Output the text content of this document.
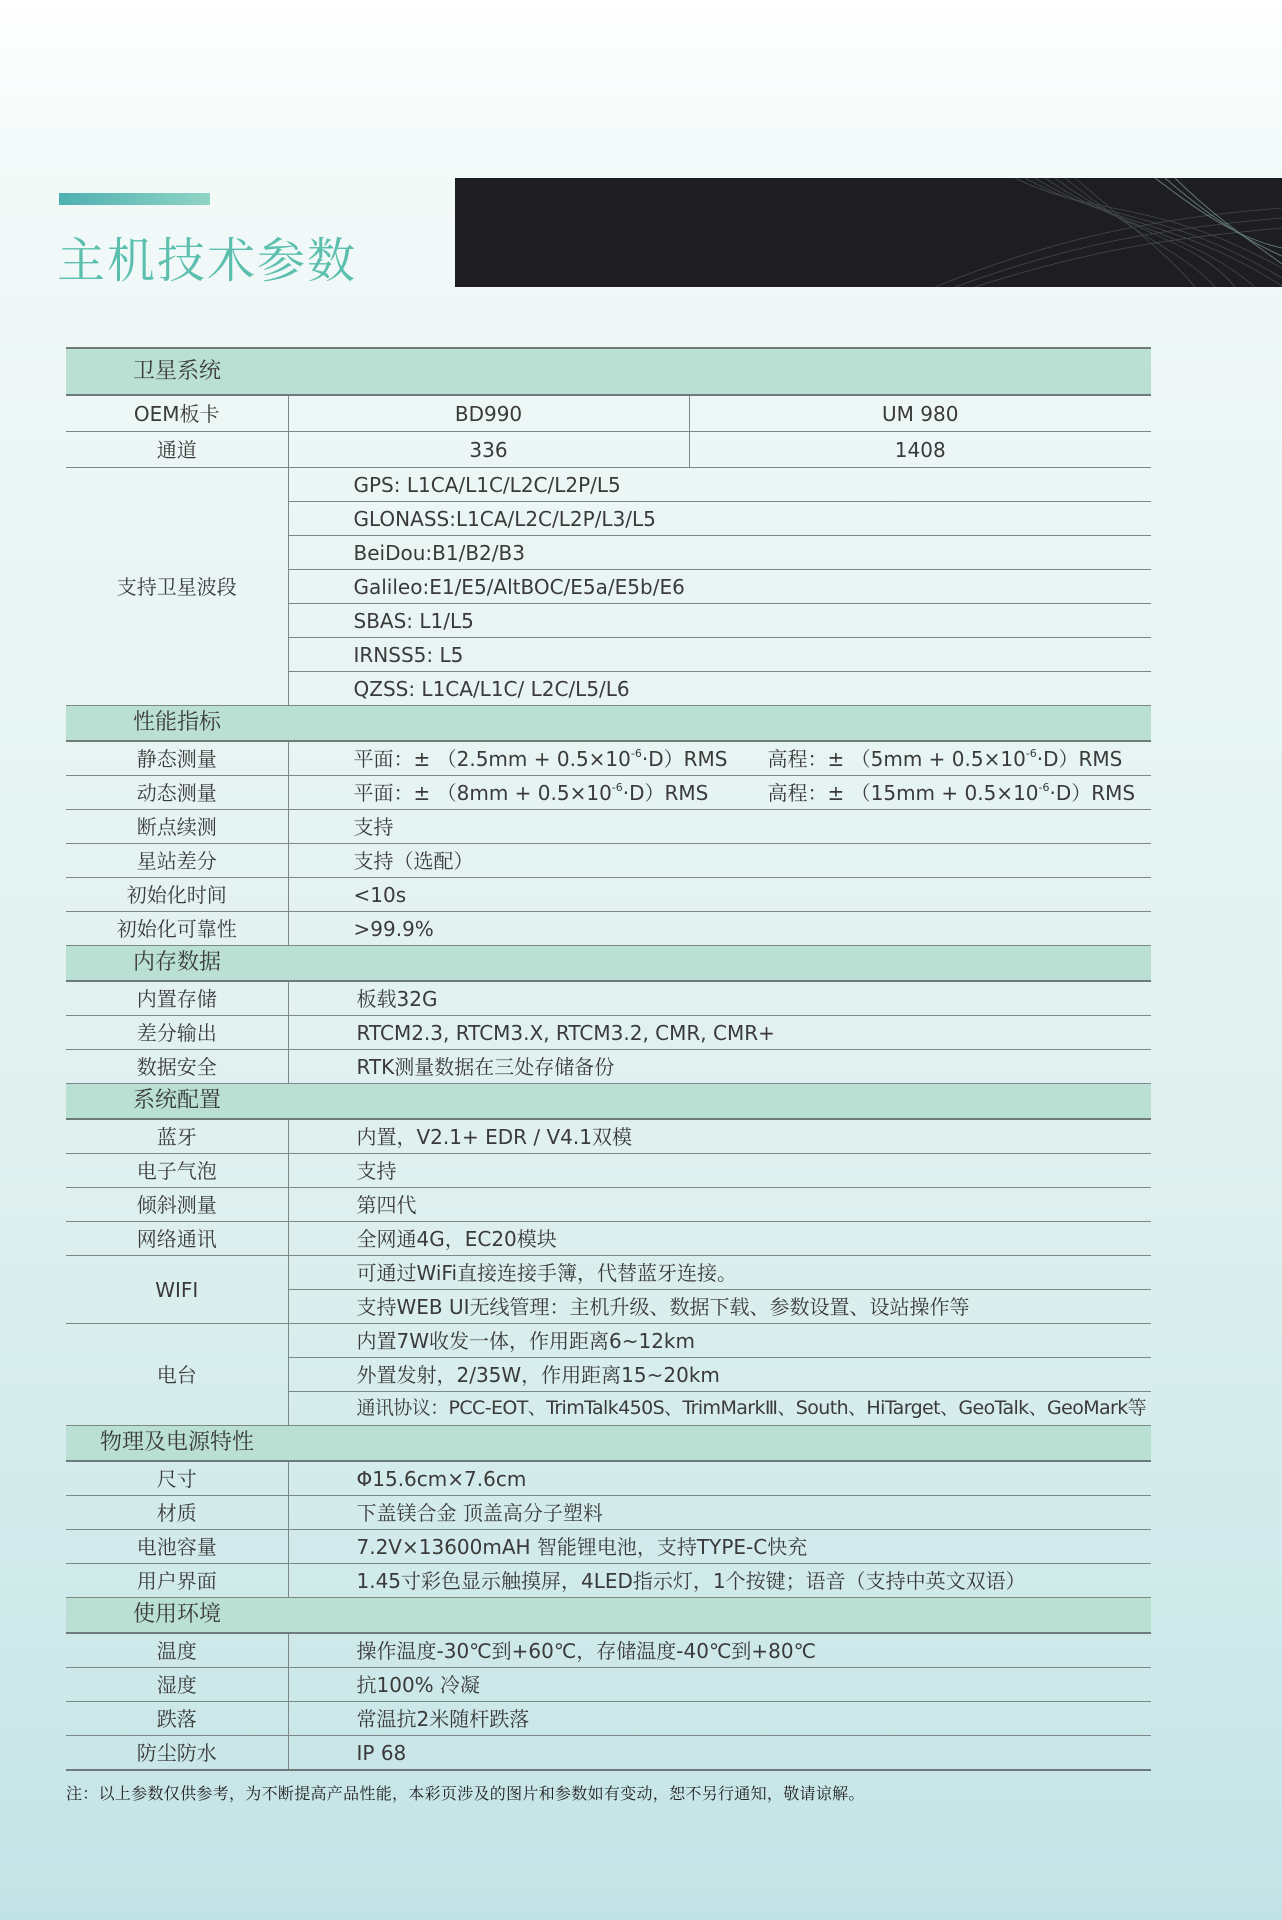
主机技术参数
卫星系统		

OEM板卡	BD990	UM 980
通道	336	1408
支持卫星波段	GPS: L1CA/L1C/L2C/L2P/L5	
	GLONASS:L1CA/L2C/L2P/L3/L5	
	BeiDou:B1/B2/B3	
	Galileo:E1/E5/AltBOC/E5a/E5b/E6	
	SBAS: L1/L5	
	IRNSS5: L5	
	QZSS: L1CA/L1C/ L2C/L5/L6	

性能指标		

静态测量	平面：± $(2.5mm + 0.5\times 10^{-6}\cdot D)RMS$ 高程：± $(5mm + 0.5\times 10^{-6}\cdot D)RMS$	

动态测量	平面：± $(8mm + 0.5\times 10^{-6}\cdot D)RMS$ 高程：± $(15mm + 0.5\times 10^{-6}\cdot D)RMS$	

断点续测	支持	
星站差分	支持（选配）	
初始化时间	<10s	
初始化可靠性	>99.9%	

内存数据		

内置存储	板载32G	
差分输出	RTCM2.3, RTCM3.X, RTCM3.2, CMR, CMR+	
数据安全	RTK测量数据在三处存储备份	

系统配置		

蓝牙	内置，V2.1+ EDR / V4.1双模	
电子气泡	支持	
倾斜测量	第四代	
网络通讯	全网通4G，EC20模块	
WIFI	可通过WiFi直接连接手簿，代替蓝牙连接。	
	支持WEB UI无线管理：主机升级、数据下载、参数设置、设站操作等	
电台	内置7W收发一体，作用距离6~12km	
	外置发射，2/35W，作用距离15~20km	
	通讯协议：PCC-EOT、TrimTalk450S、TrimMarkⅢ、South、HiTarget、GeoTalk、GeoMark等	

物理及电源特性		

尺寸	Φ15.6cm×7.6cm	
材质	下盖镁合金 顶盖高分子塑料	
电池容量	7.2V×13600mAH 智能锂电池，支持TYPE-C快充	
用户界面	1.45寸彩色显示触摸屏，4LED指示灯，1个按键；语音（支持中英文双语）	

使用环境		

温度	操作温度-30℃到+60℃，存储温度-40℃到+80℃	
湿度	抗100% 冷凝	
跌落	常温抗2米随杆跌落	
防尘防水	IP 68	

注：以上参数仅供参考，为不断提高产品性能，本彩页涉及的图片和参数如有变动，恕不另行通知，敬请谅解。
